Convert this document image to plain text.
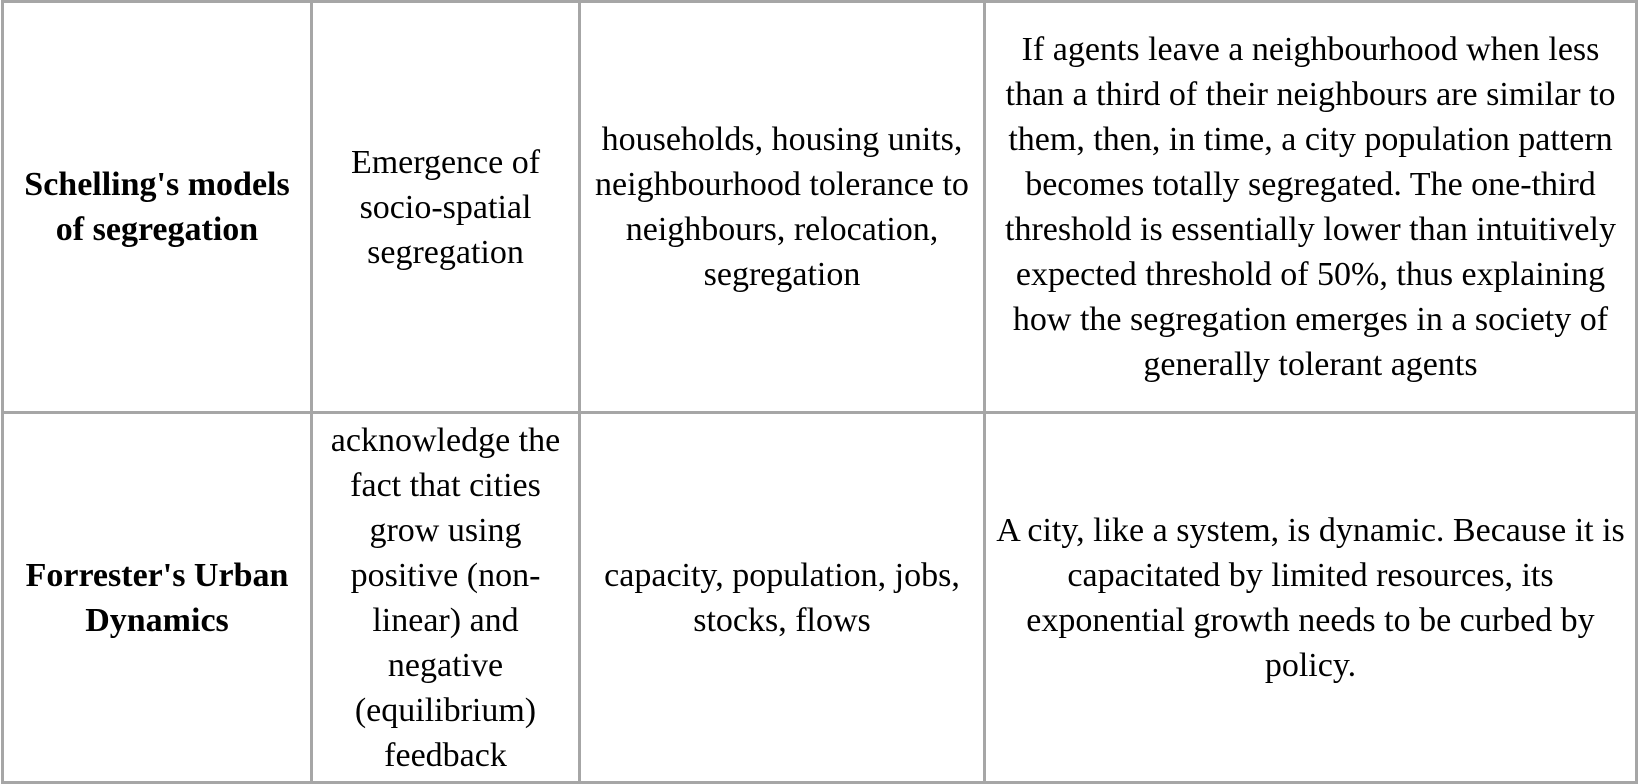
Schelling's models of segregation	Emergence of socio-spatial segregation	households, housing units, neighbourhood tolerance to neighbours, relocation, segregation	If agents leave a neighbourhood when less than a third of their neighbours are similar to them, then, in time, a city population pattern becomes totally segregated. The one-third threshold is essentially lower than intuitively expected threshold of 50%, thus explaining how the segregation emerges in a society of generally tolerant agents
Forrester's Urban Dynamics	acknowledge the fact that cities grow using positive (non- linear) and negative (equilibrium) feedback	capacity, population, jobs, stocks, flows	A city, like a system, is dynamic. Because it is capacitated by limited resources, its exponential growth needs to be curbed by policy.
